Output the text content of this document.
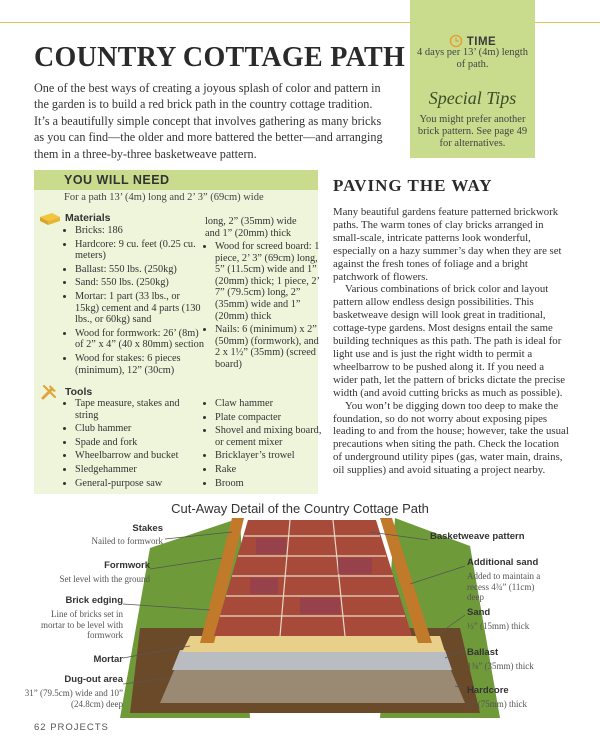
COUNTRY COTTAGE PATH

One of the best ways of creating a joyous splash of color and pattern in the garden is to build a red brick path in the country cottage tradition. It’s a beautifully simple concept that involves gathering as many bricks as you can find—the older and more battered the better—and arranging them in a three-by-three basketweave pattern.

TIME
4 days per 13’ (4m) length of path.
Special Tips
You might prefer another brick pattern. See page 49 for alternatives.
YOU WILL NEED
For a path 13’ (4m) long and 2’ 3” (69cm) wide
Materials
• Bricks: 186
• Hardcore: 9 cu. feet (0.25 cu. meters)
• Ballast: 550 lbs. (250kg)
• Sand: 550 lbs. (250kg)
• Mortar: 1 part (33 lbs., or 15kg) cement and 4 parts (130 lbs., or 60kg) sand
• Wood for formwork: 26’ (8m) of 2” x 4” (40 x 80mm) section
• Wood for stakes: 6 pieces (minimum), 12” (30cm)
long, 2” (35mm) wide and 1” (20mm) thick
• Wood for screed board: 1 piece, 2’ 3” (69cm) long, 5” (11.5cm) wide and 1” (20mm) thick; 1 piece, 2’ 7” (79.5cm) long, 2” (35mm) wide and 1” (20mm) thick
• Nails: 6 (minimum) x 2” (50mm) (formwork), and 2 x 1½” (35mm) (screed board)
Tools
• Tape measure, stakes and string
• Club hammer
• Spade and fork
• Wheelbarrow and bucket
• Sledgehammer
• General-purpose saw
• Claw hammer
• Plate compacter
• Shovel and mixing board, or cement mixer
• Bricklayer’s trowel
• Rake
• Broom
PAVING THE WAY
Many beautiful gardens feature patterned brickwork paths. The warm tones of clay bricks arranged in small-scale, intricate patterns look wonderful, especially on a hazy summer’s day when they are set against the fresh tones of foliage and a bright patchwork of flowers.
Various combinations of brick color and layout pattern allow endless design possibilities. This basketweave design will look great in traditional, cottage-type gardens. Most designs entail the same building techniques as this path. The path is ideal for light use and is just the right width to permit a wheelbarrow to be pushed along it. If you need a wider path, let the pattern of bricks dictate the precise width (and avoid cutting bricks as much as possible).
You won’t be digging down too deep to make the foundation, so do not worry about exposing pipes leading to and from the house; however, take the usual precautions when siting the path. Check the location of underground utility pipes (gas, water main, drains, oil supplies) and avoid situating a project nearby.
Cut-Away Detail of the Country Cottage Path
Stakes
Nailed to formwork
Formwork
Set level with the ground
Brick edging
Line of bricks set in mortar to be level with formwork
Mortar
Dug-out area
31” (79.5cm) wide and 10” (24.8cm) deep
Basketweave pattern
Additional sand
Added to maintain a recess 4¾” (11cm) deep
Sand
½” (15mm) thick
Ballast
1⅜” (35mm) thick
Hardcore
3” (75mm) thick
62 PROJECTS
